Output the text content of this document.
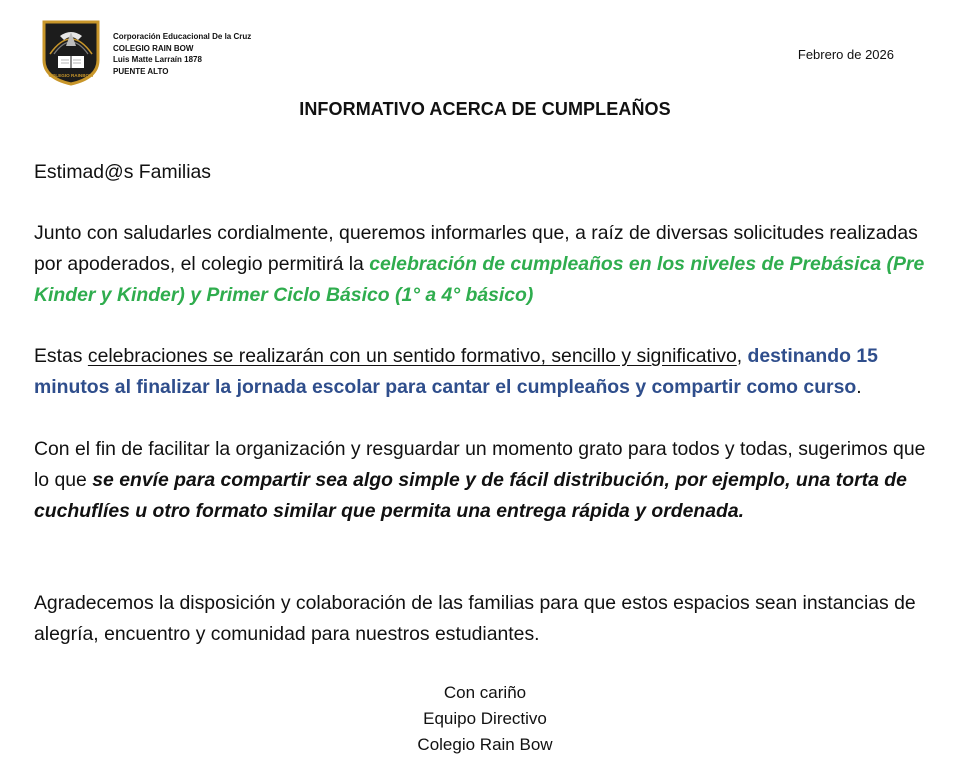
COLEGIO RAINBOW
Corporación Educacional De la Cruz
COLEGIO RAIN BOW
Luis Matte Larraín 1878
PUENTE ALTO
Febrero de 2026
INFORMATIVO ACERCA DE CUMPLEAÑOS

Estimad@s Familias

Junto con saludarles cordialmente, queremos informarles que, a raíz de diversas solicitudes realizadas por apoderados, el colegio permitirá la celebración de cumpleaños en los niveles de Prebásica (Pre Kinder y Kinder) y Primer Ciclo Básico (1° a 4° básico)

Estas celebraciones se realizarán con un sentido formativo, sencillo y significativo, destinando 15 minutos al finalizar la jornada escolar para cantar el cumpleaños y compartir como curso.

Con el fin de facilitar la organización y resguardar un momento grato para todos y todas, sugerimos que lo que se envíe para compartir sea algo simple y de fácil distribución, por ejemplo, una torta de cuchuflíes u otro formato similar que permita una entrega rápida y ordenada.

Agradecemos la disposición y colaboración de las familias para que estos espacios sean instancias de alegría, encuentro y comunidad para nuestros estudiantes.

Con cariño
Equipo Directivo
Colegio Rain Bow
